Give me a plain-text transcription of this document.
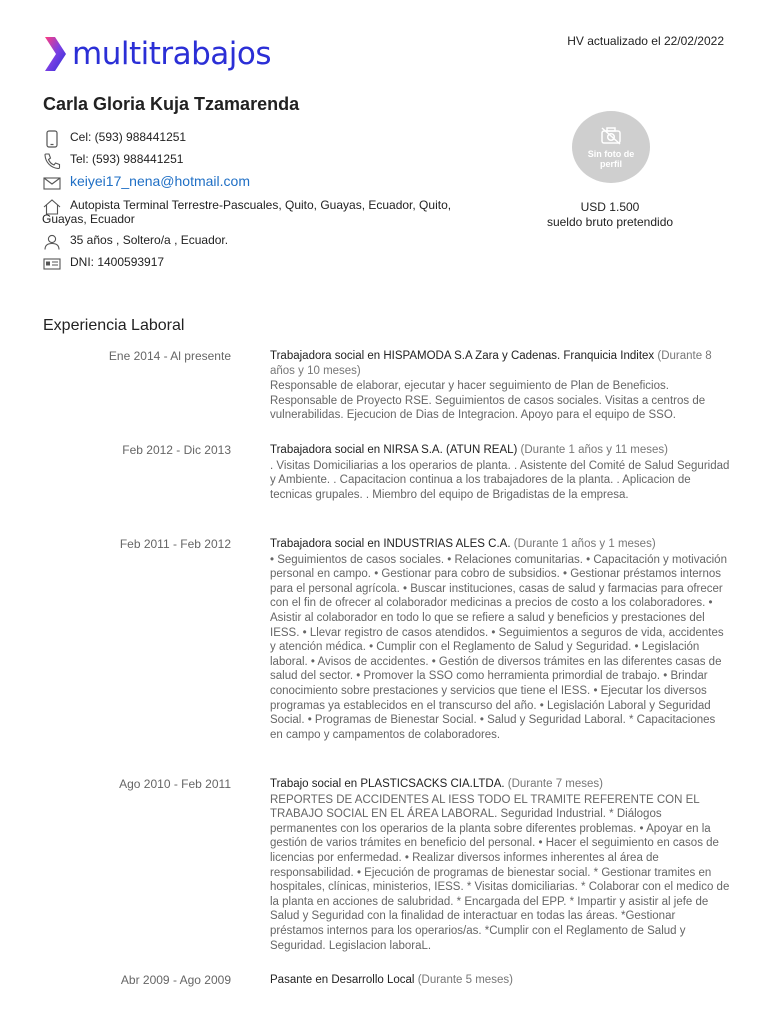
multitrabajos	HV actualizado el 22/02/2022
Carla Gloria Kuja Tzamarenda
Cel: (593) 988441251
Tel: (593) 988441251
keiyei17_nena@hotmail.com
Autopista Terminal Terrestre-Pascuales, Quito, Guayas, Ecuador, Quito, Guayas, Ecuador
35 años , Soltero/a , Ecuador.
DNI: 1400593917
Sin foto de perfil
USD 1.500
sueldo bruto pretendido
Experiencia Laboral
Ene 2014 - Al presente	Trabajadora social en HISPAMODA S.A Zara y Cadenas. Franquicia Inditex (Durante 8 años y 10 meses)
Responsable de elaborar, ejecutar y hacer seguimiento de Plan de Beneficios. Responsable de Proyecto RSE. Seguimientos de casos sociales. Visitas a centros de vulnerabilidas. Ejecucion de Dias de Integracion. Apoyo para el equipo de SSO.
Feb 2012 - Dic 2013	Trabajadora social en NIRSA S.A. (ATUN REAL) (Durante 1 años y 11 meses)
. Visitas Domiciliarias a los operarios de planta. . Asistente del Comité de Salud Seguridad y Ambiente. . Capacitacion continua a los trabajadores de la planta. . Aplicacion de tecnicas grupales. . Miembro del equipo de Brigadistas de la empresa.
Feb 2011 - Feb 2012	Trabajadora social en INDUSTRIAS ALES C.A. (Durante 1 años y 1 meses)
• Seguimientos de casos sociales. • Relaciones comunitarias. • Capacitación y motivación personal en campo. • Gestionar para cobro de subsidios. • Gestionar préstamos internos para el personal agrícola. • Buscar instituciones, casas de salud y farmacias para ofrecer con el fin de ofrecer al colaborador medicinas a precios de costo a los colaboradores. • Asistir al colaborador en todo lo que se refiere a salud y beneficios y prestaciones del IESS. • Llevar registro de casos atendidos. • Seguimientos a seguros de vida, accidentes y atención médica. • Cumplir con el Reglamento de Salud y Seguridad. • Legislación laboral. • Avisos de accidentes. • Gestión de diversos trámites en las diferentes casas de salud del sector. • Promover la SSO como herramienta primordial de trabajo. • Brindar conocimiento sobre prestaciones y servicios que tiene el IESS. • Ejecutar los diversos programas ya establecidos en el transcurso del año. • Legislación Laboral y Seguridad Social. • Programas de Bienestar Social. • Salud y Seguridad Laboral. * Capacitaciones en campo y campamentos de colaboradores.
Ago 2010 - Feb 2011	Trabajo social en PLASTICSACKS CIA.LTDA. (Durante 7 meses)
REPORTES DE ACCIDENTES AL IESS TODO EL TRAMITE REFERENTE CON EL TRABAJO SOCIAL EN EL ÁREA LABORAL. Seguridad Industrial. * Diálogos permanentes con los operarios de la planta sobre diferentes problemas. • Apoyar en la gestión de varios trámites en beneficio del personal. • Hacer el seguimiento en casos de licencias por enfermedad. • Realizar diversos informes inherentes al área de responsabilidad. • Ejecución de programas de bienestar social. * Gestionar tramites en hospitales, clínicas, ministerios, IESS. * Visitas domiciliarias. * Colaborar con el medico de la planta en acciones de salubridad. * Encargada del EPP. * Impartir y asistir al jefe de Salud y Seguridad con la finalidad de interactuar en todas las áreas. *Gestionar préstamos internos para los operarios/as. *Cumplir con el Reglamento de Salud y Seguridad. Legislacion laboraL.
Abr 2009 - Ago 2009	Pasante en Desarrollo Local (Durante 5 meses)
